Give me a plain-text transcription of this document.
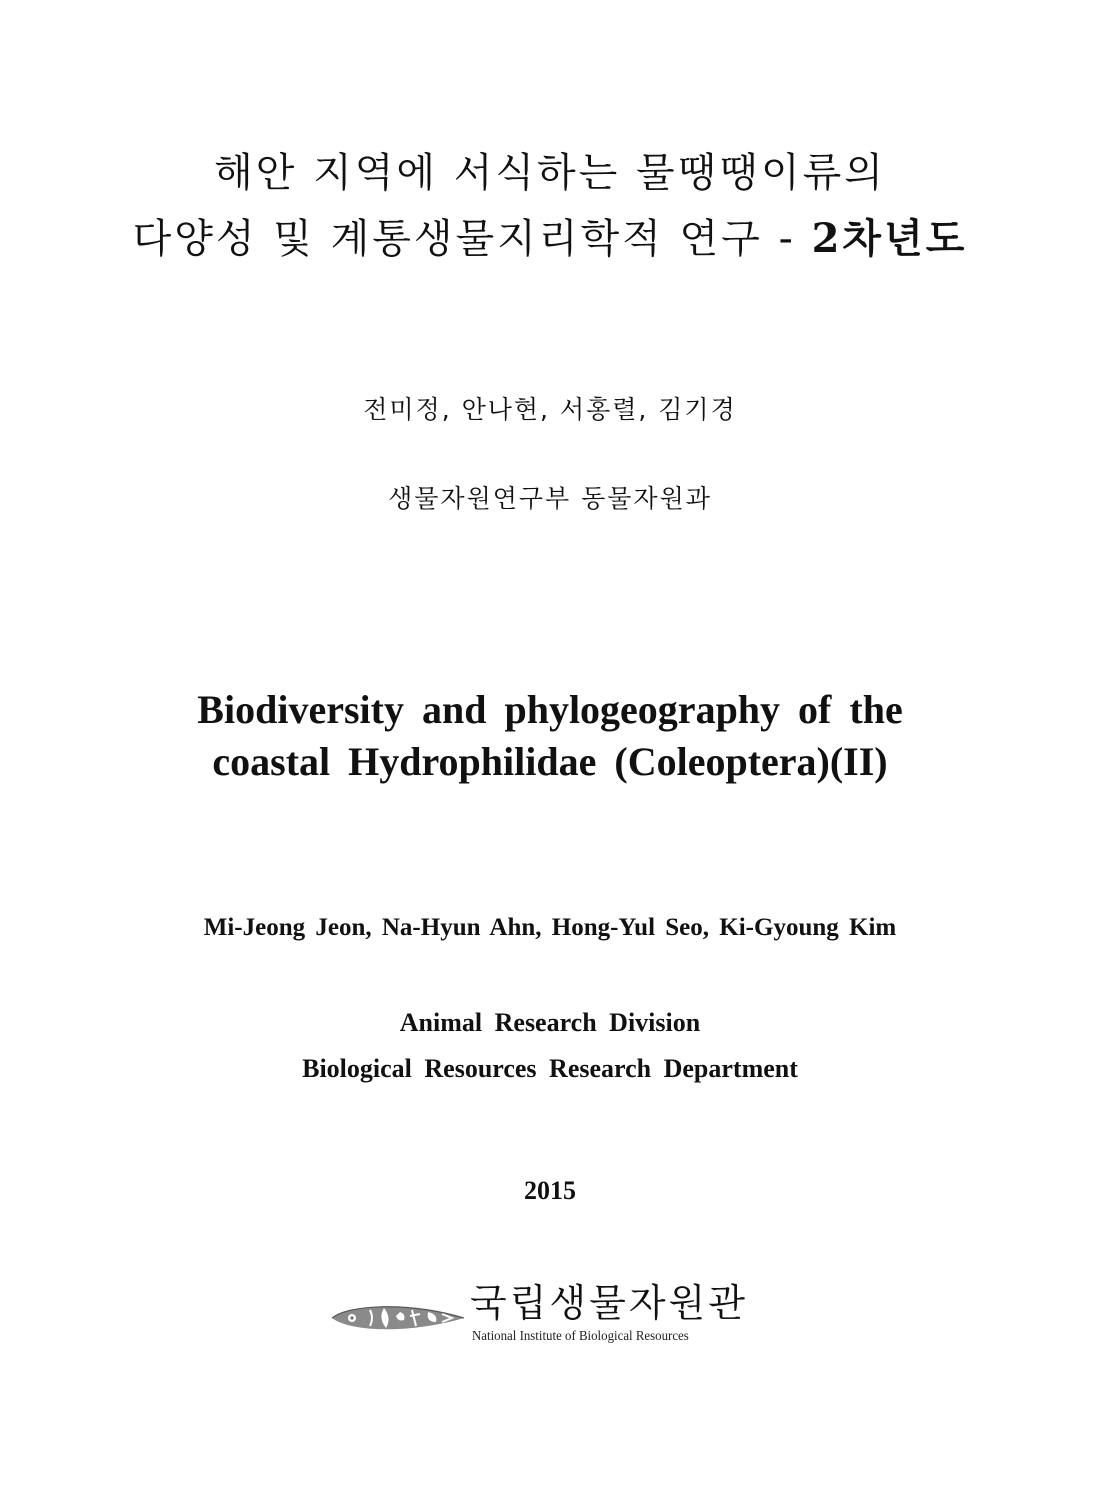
해안 지역에 서식하는 물땡땡이류의
다양성 및 계통생물지리학적 연구 - 2차년도
전미정, 안나현, 서홍렬, 김기경
생물자원연구부 동물자원과
Biodiversity and phylogeography of the
coastal Hydrophilidae (Coleoptera)(II)
Mi-Jeong Jeon, Na-Hyun Ahn, Hong-Yul Seo, Ki-Gyoung Kim
Animal Research Division
Biological Resources Research Department
2015
국립생물자원관
National Institute of Biological Resources
